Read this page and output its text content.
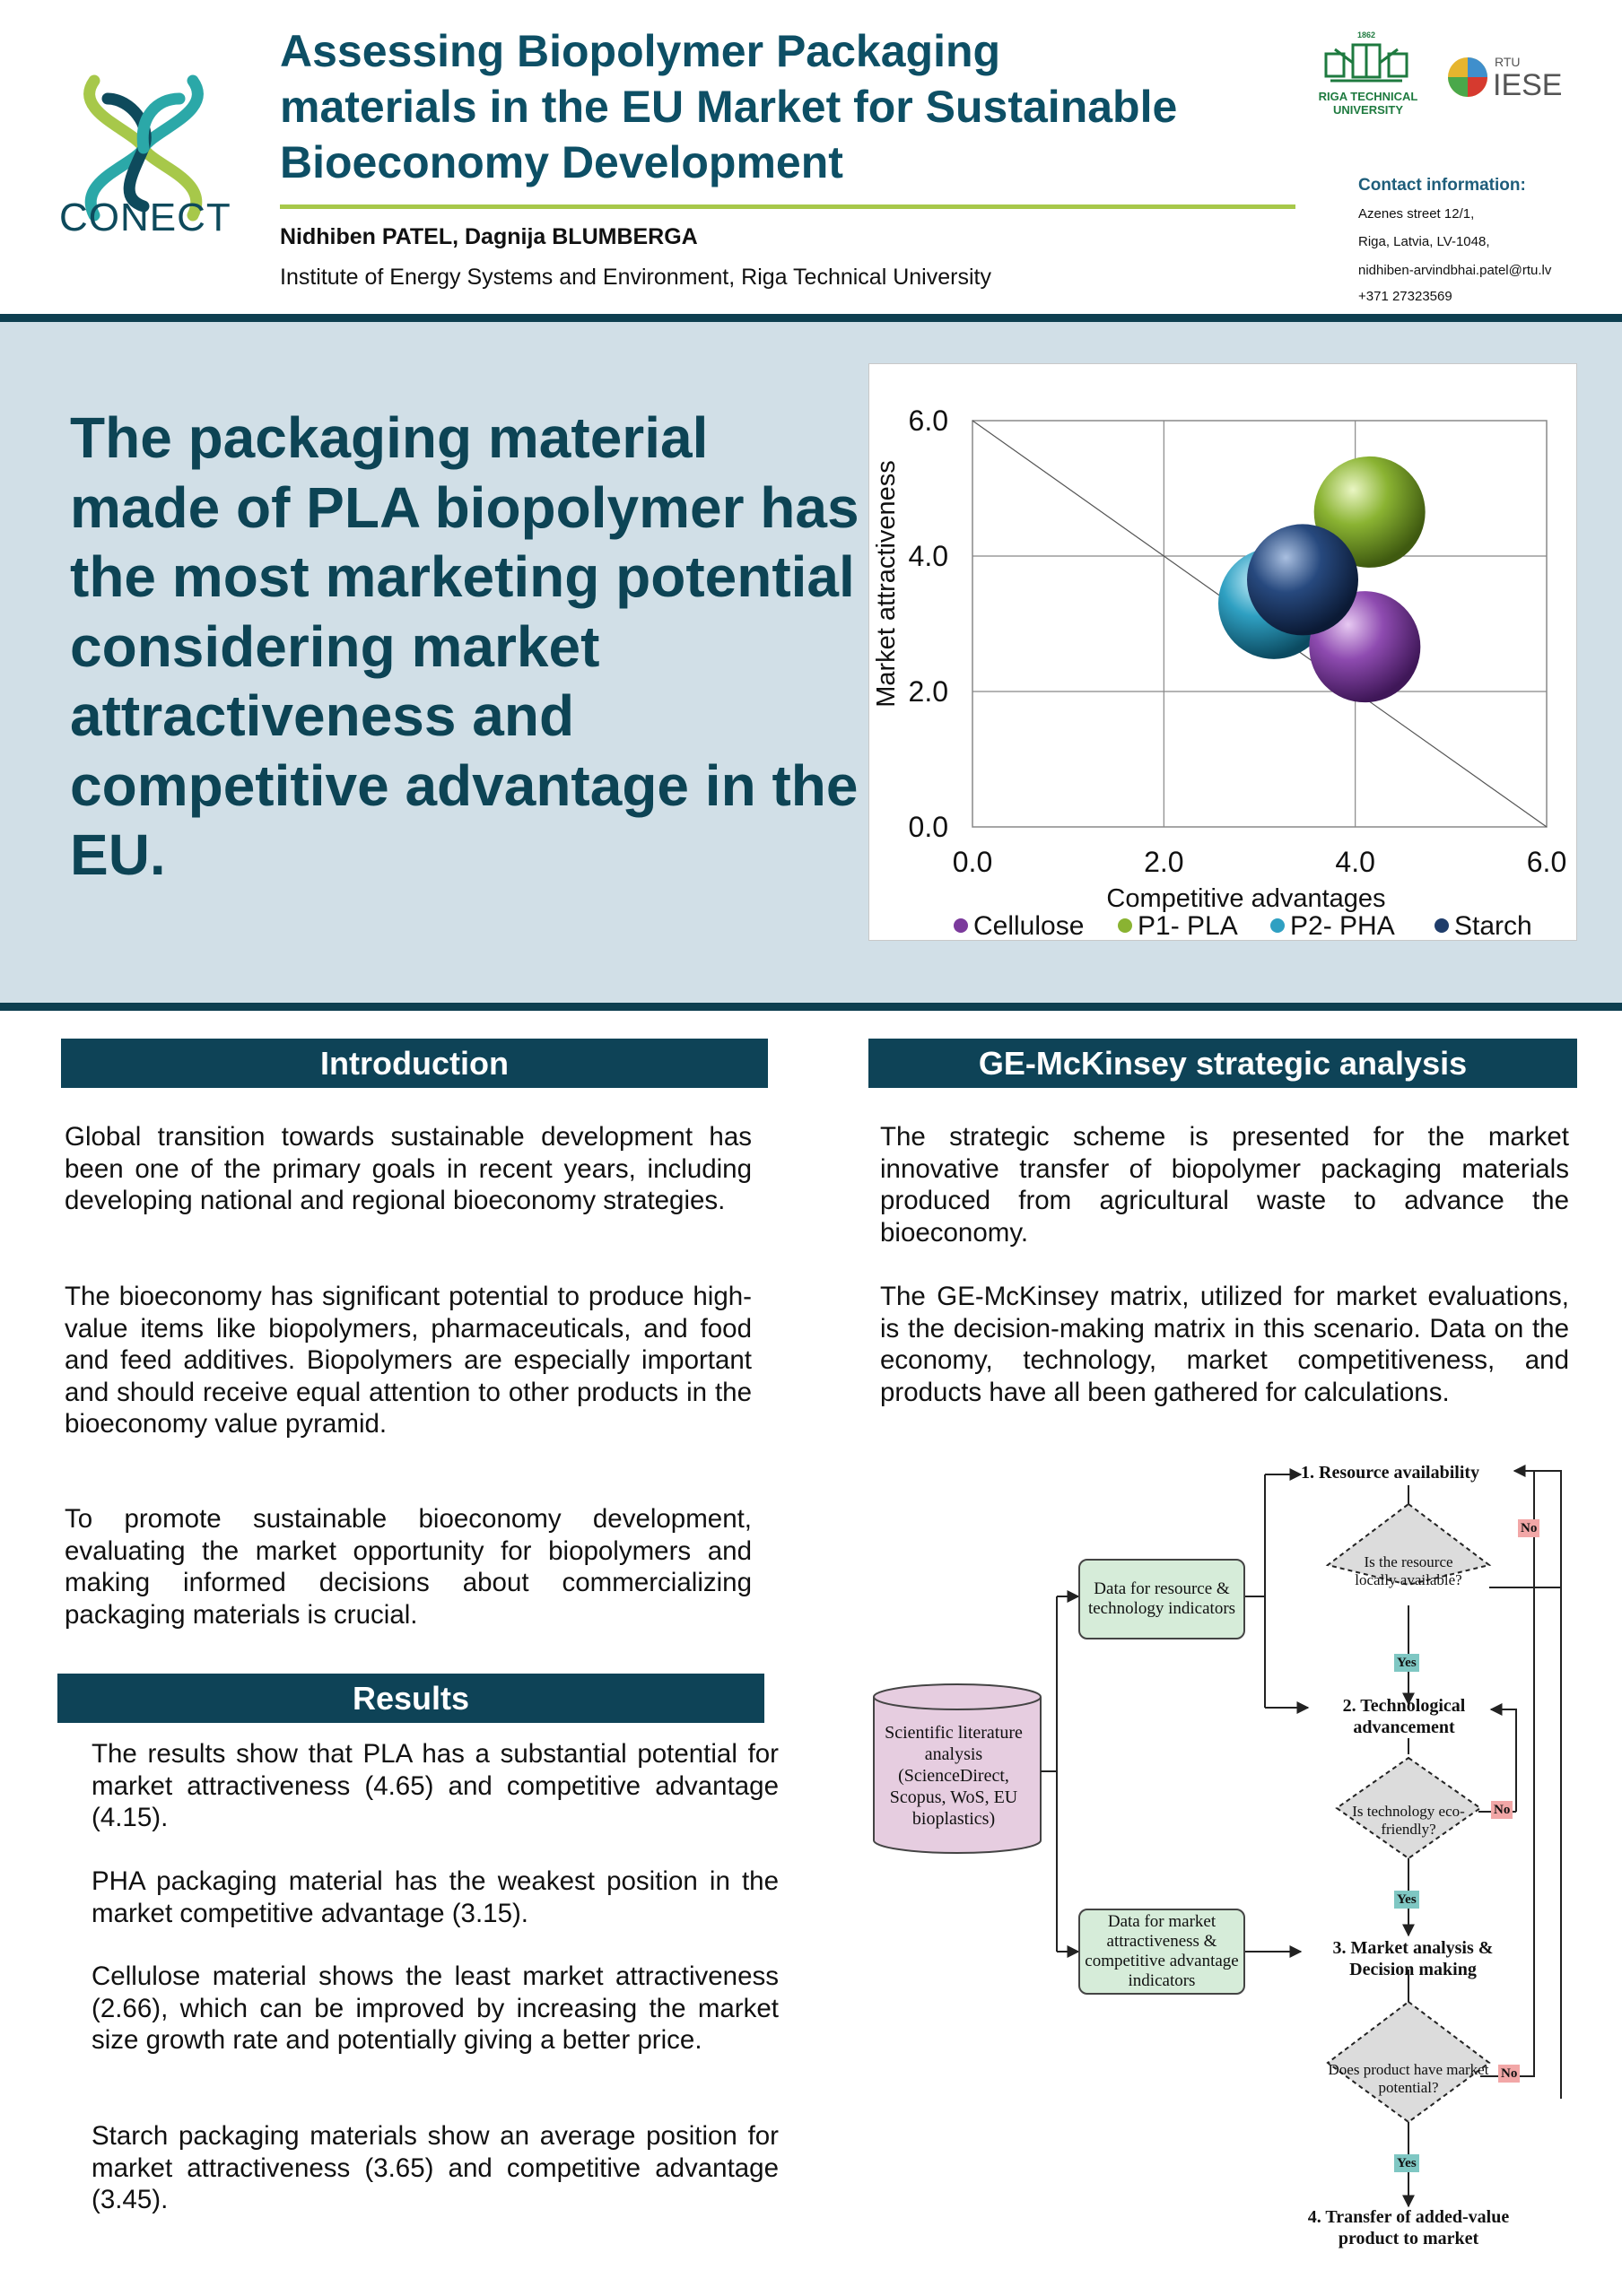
CONECT
Assessing Biopolymer Packaging
materials in the EU Market for Sustainable
Bioeconomy Development
Nidhiben PATEL, Dagnija BLUMBERGA
Institute of Energy Systems and Environment, Riga Technical University
1862
RIGA TECHNICAL
UNIVERSITY
RTU
IESE
Contact information:
Azenes street 12/1,
Riga, Latvia, LV-1048,
nidhiben-arvindbhai.patel@rtu.lv
+371 27323569
The packaging material made of PLA biopolymer has the most marketing potential considering market attractiveness and competitive advantage in the EU.	0.0	2.0	4.0	6.0
0.0
2.0
4.0
6.0
Competitive advantages
Market attractiveness
Cellulose P1- PLA P2- PHA Starch
Introduction
Global transition towards sustainable development has been one of the primary goals in recent years, including developing national and regional bioeconomy strategies.
The bioeconomy has significant potential to produce high-value items like biopolymers, pharmaceuticals, and food and feed additives. Biopolymers are especially important and should receive equal attention to other products in the bioeconomy value pyramid.
To promote sustainable bioeconomy development, evaluating the market opportunity for biopolymers and making informed decisions about commercializing packaging materials is crucial.
Results
The results show that PLA has a substantial potential for market attractiveness (4.65) and competitive advantage (4.15).
PHA packaging material has the weakest position in the market competitive advantage (3.15).
Cellulose material shows the least market attractiveness (2.66), which can be improved by increasing the market size growth rate and potentially giving a better price.
Starch packaging materials show an average position for market attractiveness (3.65) and competitive advantage (3.45).
GE-McKinsey strategic analysis
The strategic scheme is presented for the market innovative transfer of biopolymer packaging materials produced from agricultural waste to advance the bioeconomy.
The GE-McKinsey matrix, utilized for market evaluations, is the decision-making matrix in this scenario. Data on the economy, technology, market competitiveness, and products have all been gathered for calculations.
Scientific literature analysis (ScienceDirect, Scopus, WoS, EU bioplastics)
Data for resource & technology indicators
Data for market attractiveness & competitive advantage indicators
1. Resource availability
2. Technological advancement
3. Market analysis & Decision making
4. Transfer of added-value product to market
Is the resource locally available?
Is technology eco-friendly?
Does product have market potential?
Yes
Yes
Yes
No
No
No
